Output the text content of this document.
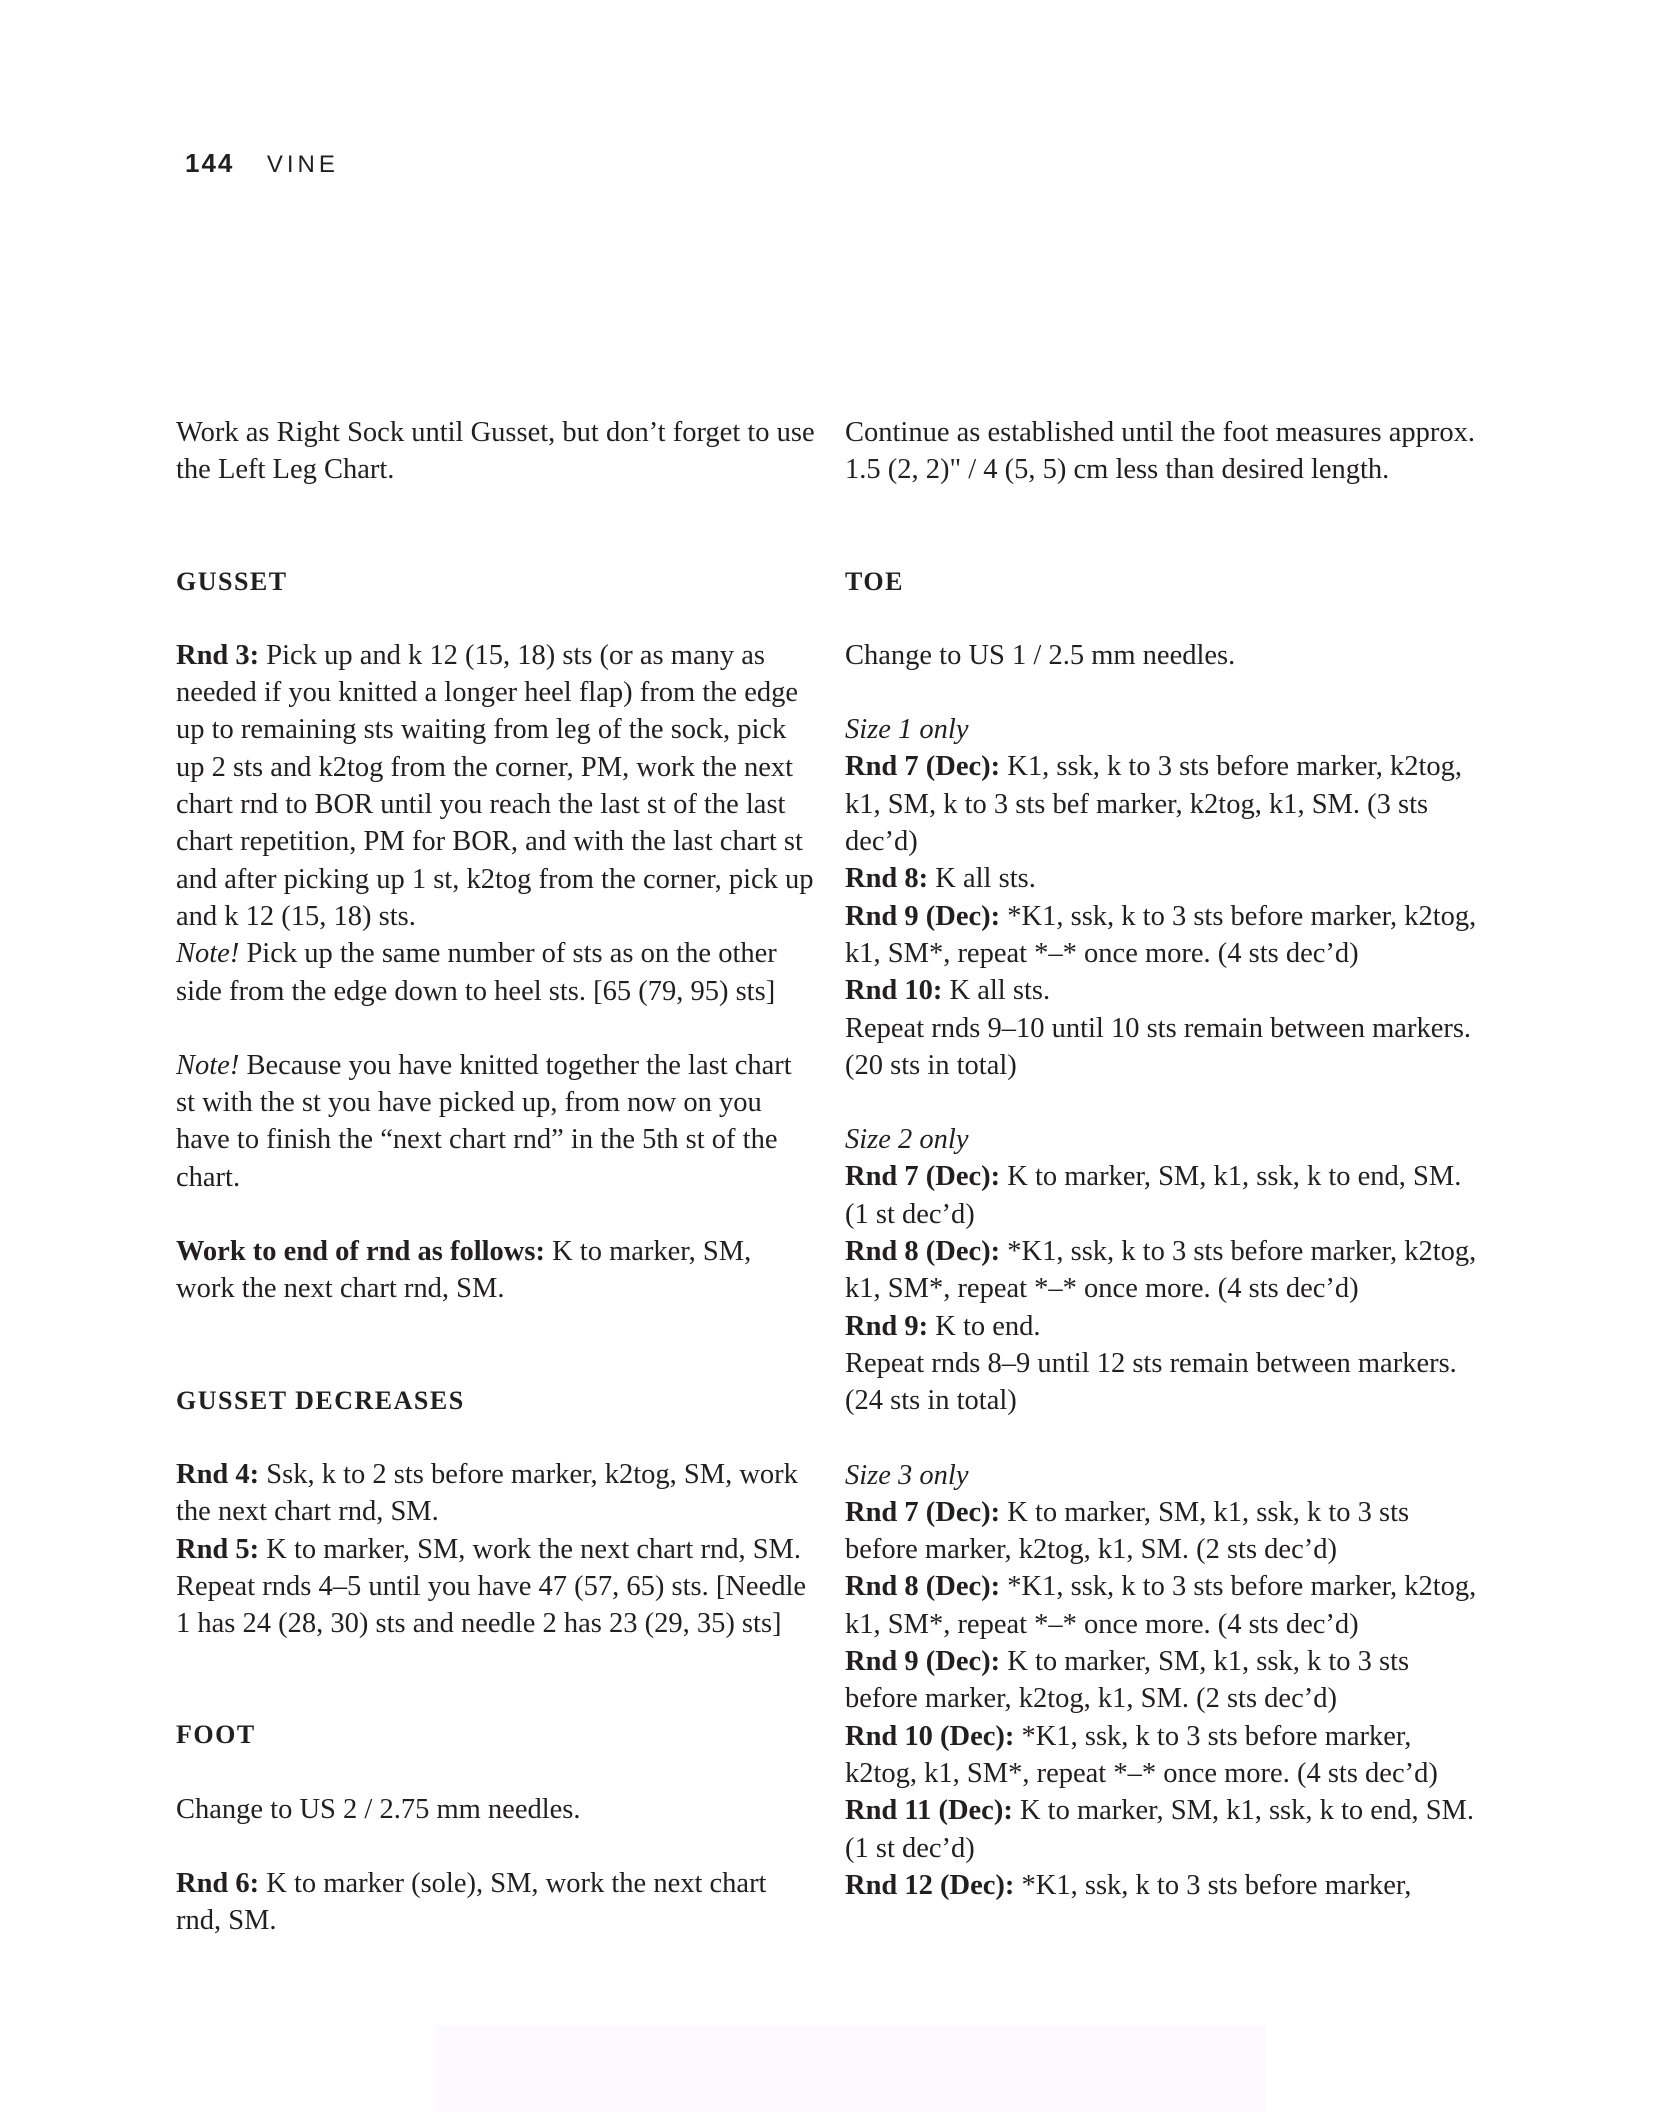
144 VINE

Work as Right Sock until Gusset, but don’t forget to use the Left Leg Chart.

GUSSET

Rnd 3: Pick up and k 12 (15, 18) sts (or as many as needed if you knitted a longer heel flap) from the edge up to remaining sts waiting from leg of the sock, pick up 2 sts and k2tog from the corner, PM, work the next chart rnd to BOR until you reach the last st of the last chart repetition, PM for BOR, and with the last chart st and after picking up 1 st, k2tog from the corner, pick up and k 12 (15, 18) sts.

Note! Pick up the same number of sts as on the other side from the edge down to heel sts. [65 (79, 95) sts]

Note! Because you have knitted together the last chart st with the st you have picked up, from now on you have to finish the “next chart rnd” in the 5th st of the chart.

Work to end of rnd as follows: K to marker, SM, work the next chart rnd, SM.

GUSSET DECREASES

Rnd 4: Ssk, k to 2 sts before marker, k2tog, SM, work the next chart rnd, SM.

Rnd 5: K to marker, SM, work the next chart rnd, SM.

Repeat rnds 4–5 until you have 47 (57, 65) sts. [Needle 1 has 24 (28, 30) sts and needle 2 has 23 (29, 35) sts]

FOOT

Change to US 2 / 2.75 mm needles.

Rnd 6: K to marker (sole), SM, work the next chart rnd, SM.

Continue as established until the foot measures approx. 1.5 (2, 2)" / 4 (5, 5) cm less than desired length.

TOE

Change to US 1 / 2.5 mm needles.

Size 1 only

Rnd 7 (Dec): K1, ssk, k to 3 sts before marker, k2tog, k1, SM, k to 3 sts bef marker, k2tog, k1, SM. (3 sts dec’d)

Rnd 8: K all sts.

Rnd 9 (Dec): *K1, ssk, k to 3 sts before marker, k2tog, k1, SM*, repeat *–* once more. (4 sts dec’d)

Rnd 10: K all sts.

Repeat rnds 9–10 until 10 sts remain between markers. (20 sts in total)

Size 2 only

Rnd 7 (Dec): K to marker, SM, k1, ssk, k to end, SM. (1 st dec’d)

Rnd 8 (Dec): *K1, ssk, k to 3 sts before marker, k2tog, k1, SM*, repeat *–* once more. (4 sts dec’d)

Rnd 9: K to end.

Repeat rnds 8–9 until 12 sts remain between markers. (24 sts in total)

Size 3 only

Rnd 7 (Dec): K to marker, SM, k1, ssk, k to 3 sts before marker, k2tog, k1, SM. (2 sts dec’d)

Rnd 8 (Dec): *K1, ssk, k to 3 sts before marker, k2tog, k1, SM*, repeat *–* once more. (4 sts dec’d)

Rnd 9 (Dec): K to marker, SM, k1, ssk, k to 3 sts before marker, k2tog, k1, SM. (2 sts dec’d)

Rnd 10 (Dec): *K1, ssk, k to 3 sts before marker, k2tog, k1, SM*, repeat *–* once more. (4 sts dec’d)

Rnd 11 (Dec): K to marker, SM, k1, ssk, k to end, SM. (1 st dec’d)

Rnd 12 (Dec): *K1, ssk, k to 3 sts before marker,
